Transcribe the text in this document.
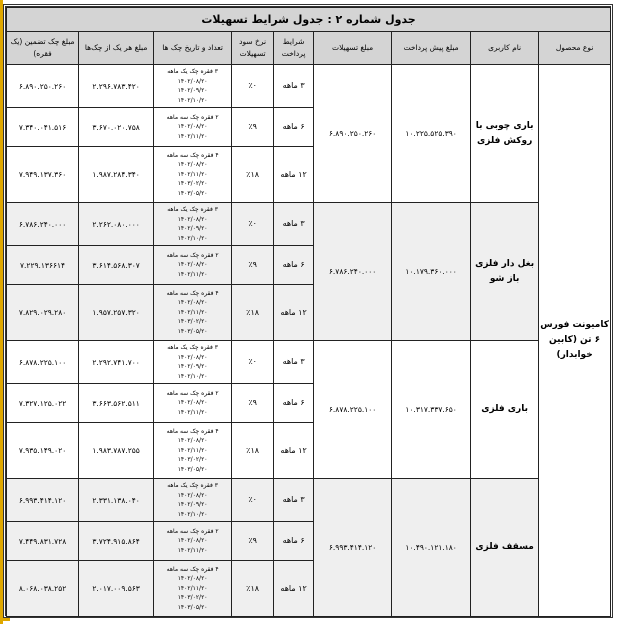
جدول شماره ۲ : جدول شرایط تسهیلات								
نوع محصول	نام کاربری	مبلغ پیش پرداخت	مبلغ تسهیلات	شرایط پرداخت	نرخ سود تسهیلات	تعداد و تاریخ چک ها	مبلغ هر یک از چک‌ها	مبلغ چک تضمین (یک فقره)
کامیونت فورس ۶ تن (کابین خوابدار)	باری چوبی با روکش فلزی	۱۰.۲۲۵.۵۲۵.۳۹۰	۶.۸۹۰.۲۵۰.۲۶۰	۳ ماهه	٪۰	۳ فقره چک یک ماهه
۱۴۰۲/۰۸/۲۰
۱۴۰۲/۰۹/۲۰
۱۴۰۲/۱۰/۲۰	۲.۲۹۶.۷۸۳.۴۲۰	۶.۸۹۰.۲۵۰.۲۶۰
				۶ ماهه	٪۹	۲ فقره چک سه ماهه
۱۴۰۲/۰۸/۲۰
۱۴۰۲/۱۱/۲۰	۳.۶۷۰.۰۲۰.۷۵۸	۷.۳۴۰.۰۴۱.۵۱۶
				۱۲ ماهه	٪۱۸	۴ فقره چک سه ماهه
۱۴۰۲/۰۸/۲۰
۱۴۰۲/۱۱/۲۰
۱۴۰۳/۰۲/۲۰
۱۴۰۳/۰۵/۲۰	۱.۹۸۷.۲۸۴.۳۴۰	۷.۹۴۹.۱۳۷.۳۶۰
	بغل دار فلزی باز شو	۱۰.۱۷۹.۳۶۰.۰۰۰	۶.۷۸۶.۲۴۰.۰۰۰	۳ ماهه	٪۰	۳ فقره چک یک ماهه
۱۴۰۲/۰۸/۲۰
۱۴۰۲/۰۹/۲۰
۱۴۰۲/۱۰/۲۰	۲.۲۶۲.۰۸۰.۰۰۰	۶.۷۸۶.۲۴۰.۰۰۰
				۶ ماهه	٪۹	۲ فقره چک سه ماهه
۱۴۰۲/۰۸/۲۰
۱۴۰۲/۱۱/۲۰	۳.۶۱۴.۵۶۸.۳۰۷	۷.۲۲۹.۱۳۶۶۱۴
				۱۲ ماهه	٪۱۸	۴ فقره چک سه ماهه
۱۴۰۲/۰۸/۲۰
۱۴۰۲/۱۱/۲۰
۱۴۰۳/۰۲/۲۰
۱۴۰۳/۰۵/۲۰	۱.۹۵۷.۲۵۷.۳۲۰	۷.۸۲۹.۰۲۹.۲۸۰
	باری فلزی	۱۰.۳۱۷.۳۳۷.۶۵۰	۶.۸۷۸.۲۲۵.۱۰۰	۳ ماهه	٪۰	۳ فقره چک یک ماهه
۱۴۰۲/۰۸/۲۰
۱۴۰۲/۰۹/۲۰
۱۴۰۲/۱۰/۲۰	۲.۲۹۲.۷۴۱.۷۰۰	۶.۸۷۸.۲۲۵.۱۰۰
				۶ ماهه	٪۹	۲ فقره چک سه ماهه
۱۴۰۲/۰۸/۲۰
۱۴۰۲/۱۱/۲۰	۳.۶۶۳.۵۶۲.۵۱۱	۷.۳۲۷.۱۲۵.۰۲۲
				۱۲ ماهه	٪۱۸	۴ فقره چک سه ماهه
۱۴۰۲/۰۸/۲۰
۱۴۰۲/۱۱/۲۰
۱۴۰۳/۰۲/۲۰
۱۴۰۳/۰۵/۲۰	۱.۹۸۳.۷۸۷.۲۵۵	۷.۹۳۵.۱۴۹.۰۲۰
	مسقف فلزی	۱۰.۴۹۰.۱۲۱.۱۸۰	۶.۹۹۳.۴۱۴.۱۲۰	۳ ماهه	٪۰	۳ فقره چک یک ماهه
۱۴۰۲/۰۸/۲۰
۱۴۰۲/۰۹/۲۰
۱۴۰۲/۱۰/۲۰	۲.۳۳۱.۱۳۸.۰۴۰	۶.۹۹۳.۴۱۴.۱۲۰
				۶ ماهه	٪۹	۲ فقره چک سه ماهه
۱۴۰۲/۰۸/۲۰
۱۴۰۲/۱۱/۲۰	۳.۷۲۴.۹۱۵.۸۶۴	۷.۴۴۹.۸۳۱.۷۲۸
				۱۲ ماهه	٪۱۸	۴ فقره چک سه ماهه
۱۴۰۲/۰۸/۲۰
۱۴۰۲/۱۱/۲۰
۱۴۰۳/۰۲/۲۰
۱۴۰۳/۰۵/۲۰	۲.۰۱۷.۰۰۹.۵۶۳	۸.۰۶۸.۰۳۸.۲۵۲
